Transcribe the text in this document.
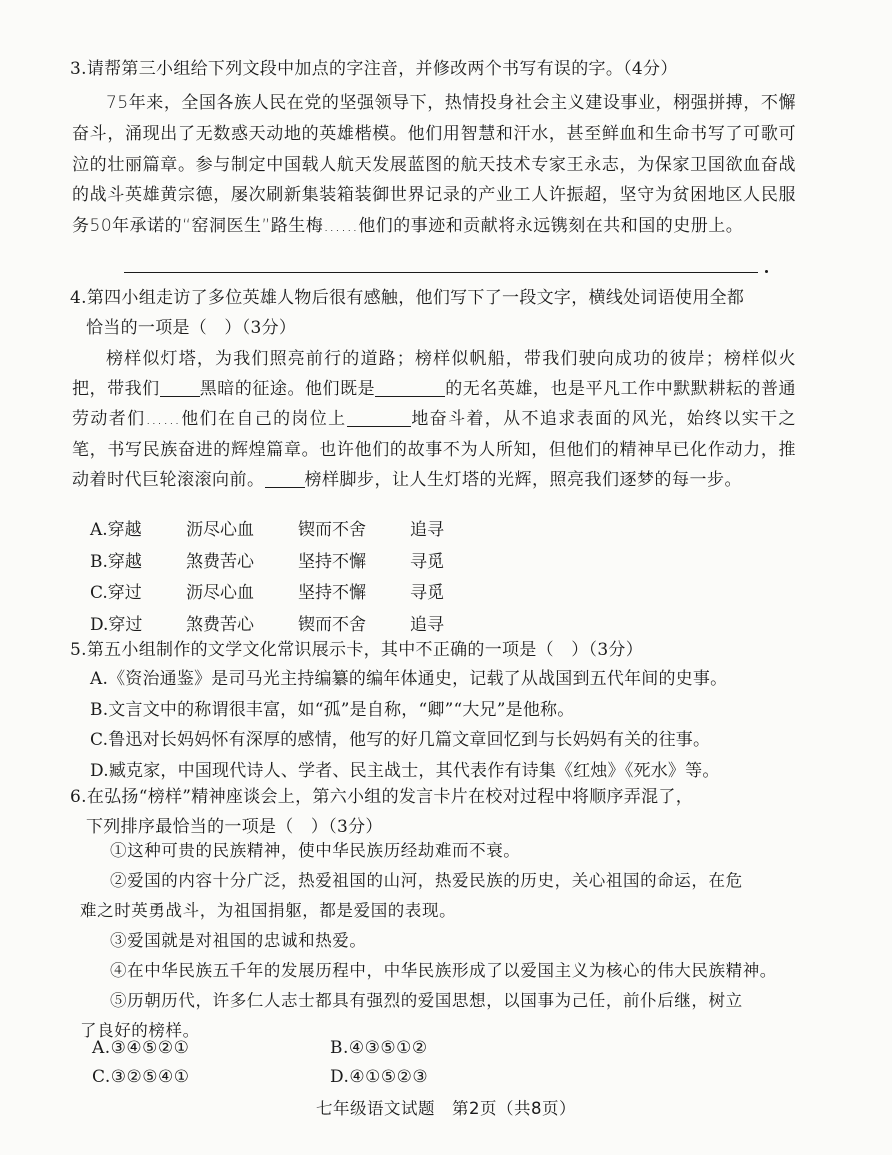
3.请帮第三小组给下列文段中加点的字注音，并修改两个书写有误的字。（4分）
75年来，全国各族人民在党的坚强领导下，热情投身社会主义建设事业，栩强拼搏，不懈奋斗，涌现出了无数惑天动地的英雄楷模。他们用智慧和汗水，甚至鲜血和生命书写了可歌可泣的壮丽篇章。参与制定中国载人航天发展蓝图的航天技术专家王永志，为保家卫国欲血奋战的战斗英雄黄宗德，屡次刷新集装箱装御世界记录的产业工人许振超，坚守为贫困地区人民服务50年承诺的“窑洞医生”路生梅……他们的事迹和贡献将永远镌刻在共和国的史册上。
4.第四小组走访了多位英雄人物后很有感触，他们写下了一段文字，横线处词语使用全都
恰当的一项是（　）（3分）
榜样似灯塔，为我们照亮前行的道路；榜样似帆船，带我们驶向成功的彼岸；榜样似火把，带我们 黑暗的征途。他们既是	的无名英雄，也是平凡工作中默默耕耘的普通劳动者们……他们在自己的岗位上	地奋斗着，从不追求表面的风光，始终以实干之笔，书写民族奋进的辉煌篇章。也许他们的故事不为人所知，但他们的精神早已化作动力，推动着时代巨轮滚滚向前。 榜样脚步，让人生灯塔的光辉，照亮我们逐梦的每一步。
A.穿越	沥尽心血	锲而不舍	追寻
B.穿越	煞费苦心	坚持不懈	寻觅
C.穿过	沥尽心血	坚持不懈	寻觅
D.穿过	煞费苦心	锲而不舍	追寻
5.第五小组制作的文学文化常识展示卡，其中不正确的一项是（　）（3分）
A.《资治通鉴》是司马光主持编纂的编年体通史，记载了从战国到五代年间的史事。
B.文言文中的称谓很丰富，如“孤”是自称，“卿”“大兄”是他称。
C.鲁迅对长妈妈怀有深厚的感情，他写的好几篇文章回忆到与长妈妈有关的往事。
D.臧克家，中国现代诗人、学者、民主战士，其代表作有诗集《红烛》《死水》等。
6.在弘扬“榜样”精神座谈会上，第六小组的发言卡片在校对过程中将顺序弄混了，
下列排序最恰当的一项是（　）（3分）
①这种可贵的民族精神，使中华民族历经劫难而不衰。
②爱国的内容十分广泛，热爱祖国的山河，热爱民族的历史，关心祖国的命运，在危
难之时英勇战斗，为祖国捐躯，都是爱国的表现。
③爱国就是对祖国的忠诚和热爱。
④在中华民族五千年的发展历程中，中华民族形成了以爱国主义为核心的伟大民族精神。
⑤历朝历代，许多仁人志士都具有强烈的爱国思想，以国事为己任，前仆后继，树立
了良好的榜样。
A.③④⑤②①	B.④③⑤①②
C.③②⑤④①	D.④①⑤②③
七年级语文试题　第2页（共8页）
